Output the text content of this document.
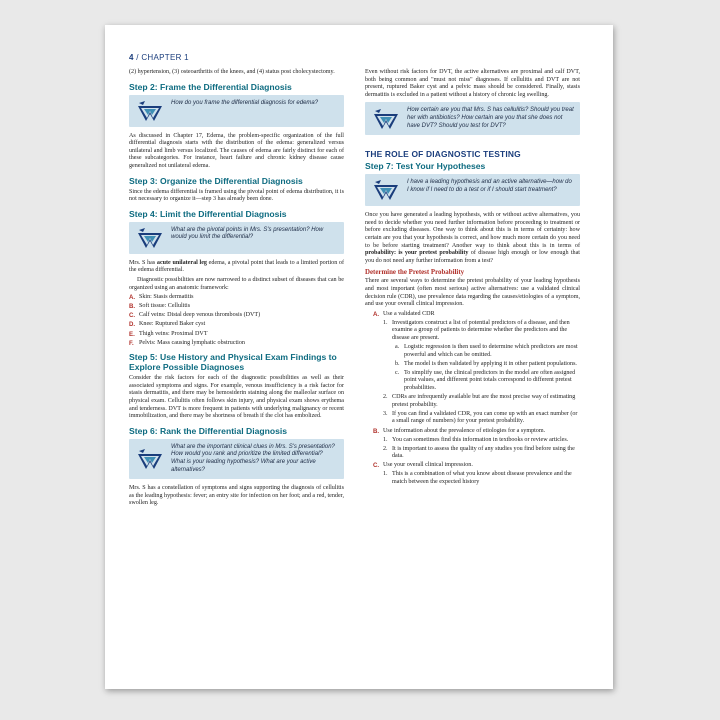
4 / CHAPTER 1

(2) hypertension, (3) osteoarthritis of the knees, and (4) status post cholecystectomy.

Step 2: Frame the Differential Diagnosis
How do you frame the differential diagnosis for edema?

As discussed in Chapter 17, Edema, the problem-specific organization of the full differential diagnosis starts with the distribution of the edema: generalized versus unilateral and limb versus localized. The causes of edema are fairly distinct for each of these subcategories. For instance, heart failure and chronic kidney disease cause generalized not unilateral edema.

Step 3: Organize the Differential Diagnosis

Since the edema differential is framed using the pivotal point of edema distribution, it is not necessary to organize it—step 3 has already been done.

Step 4: Limit the Differential Diagnosis
What are the pivotal points in Mrs. S's presentation? How would you limit the differential?

Mrs. S has acute unilateral leg edema, a pivotal point that leads to a limited portion of the edema differential.

Diagnostic possibilities are now narrowed to a distinct subset of diseases that can be organized using an anatomic framework:

A. Skin: Stasis dermatitis
B. Soft tissue: Cellulitis
C. Calf veins: Distal deep venous thrombosis (DVT)
D. Knee: Ruptured Baker cyst
E. Thigh veins: Proximal DVT
F. Pelvis: Mass causing lymphatic obstruction
Step 5: Use History and Physical Exam Findings to Explore Possible Diagnoses

Consider the risk factors for each of the diagnostic possibilities as well as their associated symptoms and signs. For example, venous insufficiency is a risk factor for stasis dermatitis, and there may be hemosiderin staining along the malleolar surface on physical exam. Cellulitis often follows skin injury, and physical exam shows erythema and tenderness. DVT is more frequent in patients with underlying malignancy or recent immobilization, and there may be shortness of breath if the clot has embolized.

Step 6: Rank the Differential Diagnosis
What are the important clinical clues in Mrs. S's presentation? How would you rank and prioritize the limited differential? What is your leading hypothesis? What are your active alternatives?

Mrs. S has a constellation of symptoms and signs supporting the diagnosis of cellulitis as the leading hypothesis: fever; an entry site for infection on her foot; and a red, tender, swollen leg.

Even without risk factors for DVT, the active alternatives are proximal and calf DVT, both being common and "must not miss" diagnoses. If cellulitis and DVT are not present, ruptured Baker cyst and a pelvic mass should be considered. Finally, stasis dermatitis is excluded in a patient without a history of chronic leg swelling.

How certain are you that Mrs. S has cellulitis? Should you treat her with antibiotics? How certain are you that she does not have DVT? Should you test for DVT?
THE ROLE OF DIAGNOSTIC TESTING
Step 7: Test Your Hypotheses
I have a leading hypothesis and an active alternative—how do I know if I need to do a test or if I should start treatment?

Once you have generated a leading hypothesis, with or without active alternatives, you need to decide whether you need further information before proceeding to treatment or before excluding diseases. One way to think about this is in terms of certainty: how certain are you that your hypothesis is correct, and how much more certain do you need to be before starting treatment? Another way to think about this is in terms of probability: is your pretest probability of disease high enough or low enough that you do not need any further information from a test?

Determine the Pretest Probability

There are several ways to determine the pretest probability of your leading hypothesis and most important (often most serious) active alternatives: use a validated clinical decision rule (CDR), use prevalence data regarding the causes/etiologies of a symptom, and use your overall clinical impression.

A. Use a validated CDR
1. Investigators construct a list of potential predictors of a disease, and then examine a group of patients to determine whether the predictors and the disease are present.
a. Logistic regression is then used to determine which predictors are most powerful and which can be omitted.
b. The model is then validated by applying it in other patient populations.
c. To simplify use, the clinical predictors in the model are often assigned point values, and different point totals correspond to different pretest probabilities.
2. CDRs are infrequently available but are the most precise way of estimating pretest probability.
3. If you can find a validated CDR, you can come up with an exact number (or a small range of numbers) for your pretest probability.
B. Use information about the prevalence of etiologies for a symptom.
1. You can sometimes find this information in textbooks or review articles.
2. It is important to assess the quality of any studies you find before using the data.
C. Use your overall clinical impression.
1. This is a combination of what you know about disease prevalence and the match between the expected history
